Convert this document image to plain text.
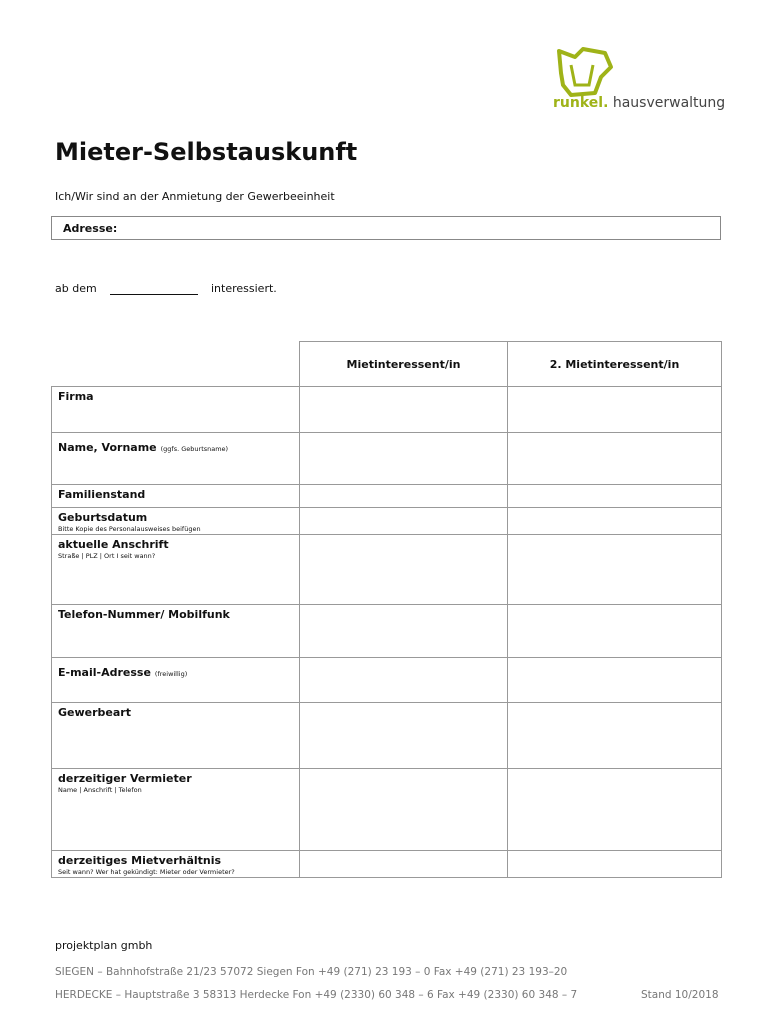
runkel. hausverwaltung
Mieter-Selbstauskunft
Ich/Wir sind an der Anmietung der Gewerbeeinheit
Adresse:
ab dem	interessiert.
	Mietinteressent/in	2. Mietinteressent/in

Firma		

Name, Vorname (ggfs. Geburtsname)		

Familienstand		

Geburtsdatum
Bitte Kopie des Personalausweises beifügen		

aktuelle Anschrift
Straße | PLZ | Ort I seit wann?		

Telefon-Nummer/ Mobilfunk		

E-mail-Adresse (freiwillig)		

Gewerbeart		

derzeitiger Vermieter
Name | Anschrift | Telefon		

derzeitiges Mietverhältnis
Seit wann? Wer hat gekündigt: Mieter oder Vermieter?		

projektplan gmbh
SIEGEN – Bahnhofstraße 21/23 57072 Siegen Fon +49 (271) 23 193 – 0 Fax +49 (271) 23 193–20
HERDECKE – Hauptstraße 3 58313 Herdecke Fon +49 (2330) 60 348 – 6 Fax +49 (2330) 60 348 – 7	Stand 10/2018
